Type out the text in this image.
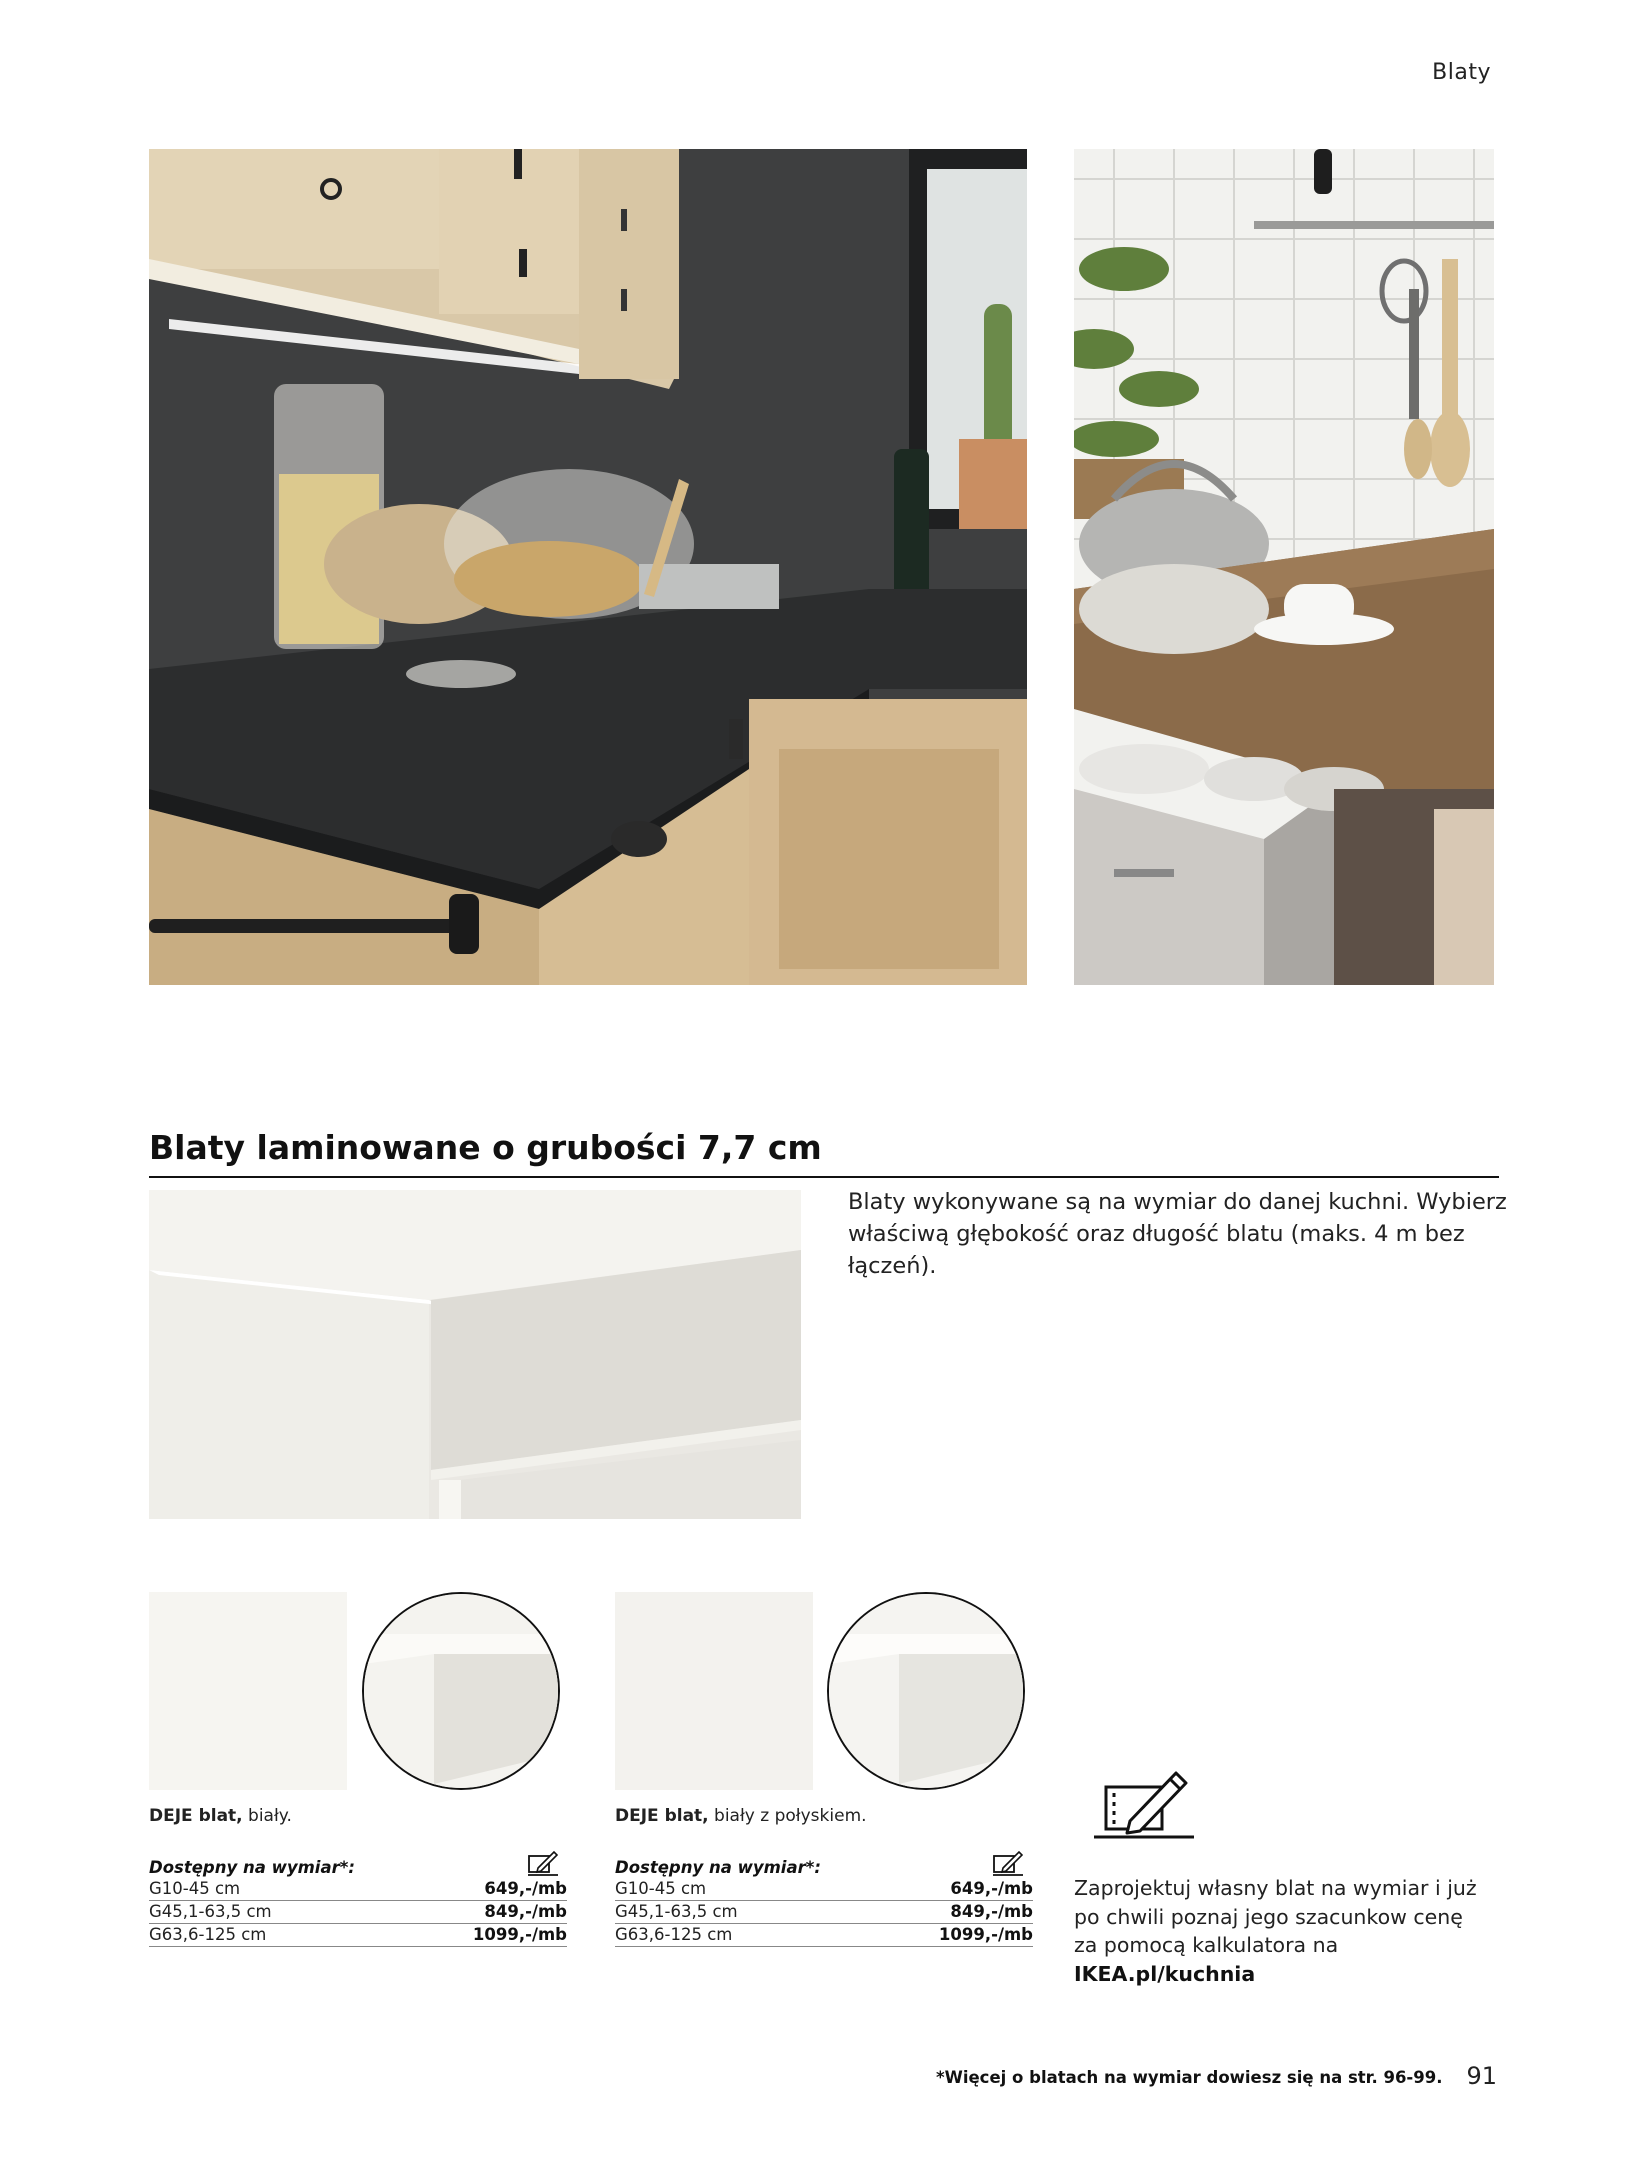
Blaty
Blaty laminowane o grubości 7,7 cm
Blaty wykonywane są na wymiar do danej kuchni. Wybierz
właściwą głębokość oraz długość blatu (maks. 4 m bez łączeń).
DEJE blat, biały.
Dostępny na wymiar*:
G10-45 cm	649,-/mb
G45,1-63,5 cm	849,-/mb
G63,6-125 cm	1099,-/mb
DEJE blat, biały z połyskiem.
Dostępny na wymiar*:
G10-45 cm	649,-/mb
G45,1-63,5 cm	849,-/mb
G63,6-125 cm	1099,-/mb
Zaprojektuj własny blat na wymiar i już
po chwili poznaj jego szacunkow cenę
za pomocą kalkulatora na IKEA.pl/kuchnia
*Więcej o blatach na wymiar dowiesz się na str. 96-99. 91
